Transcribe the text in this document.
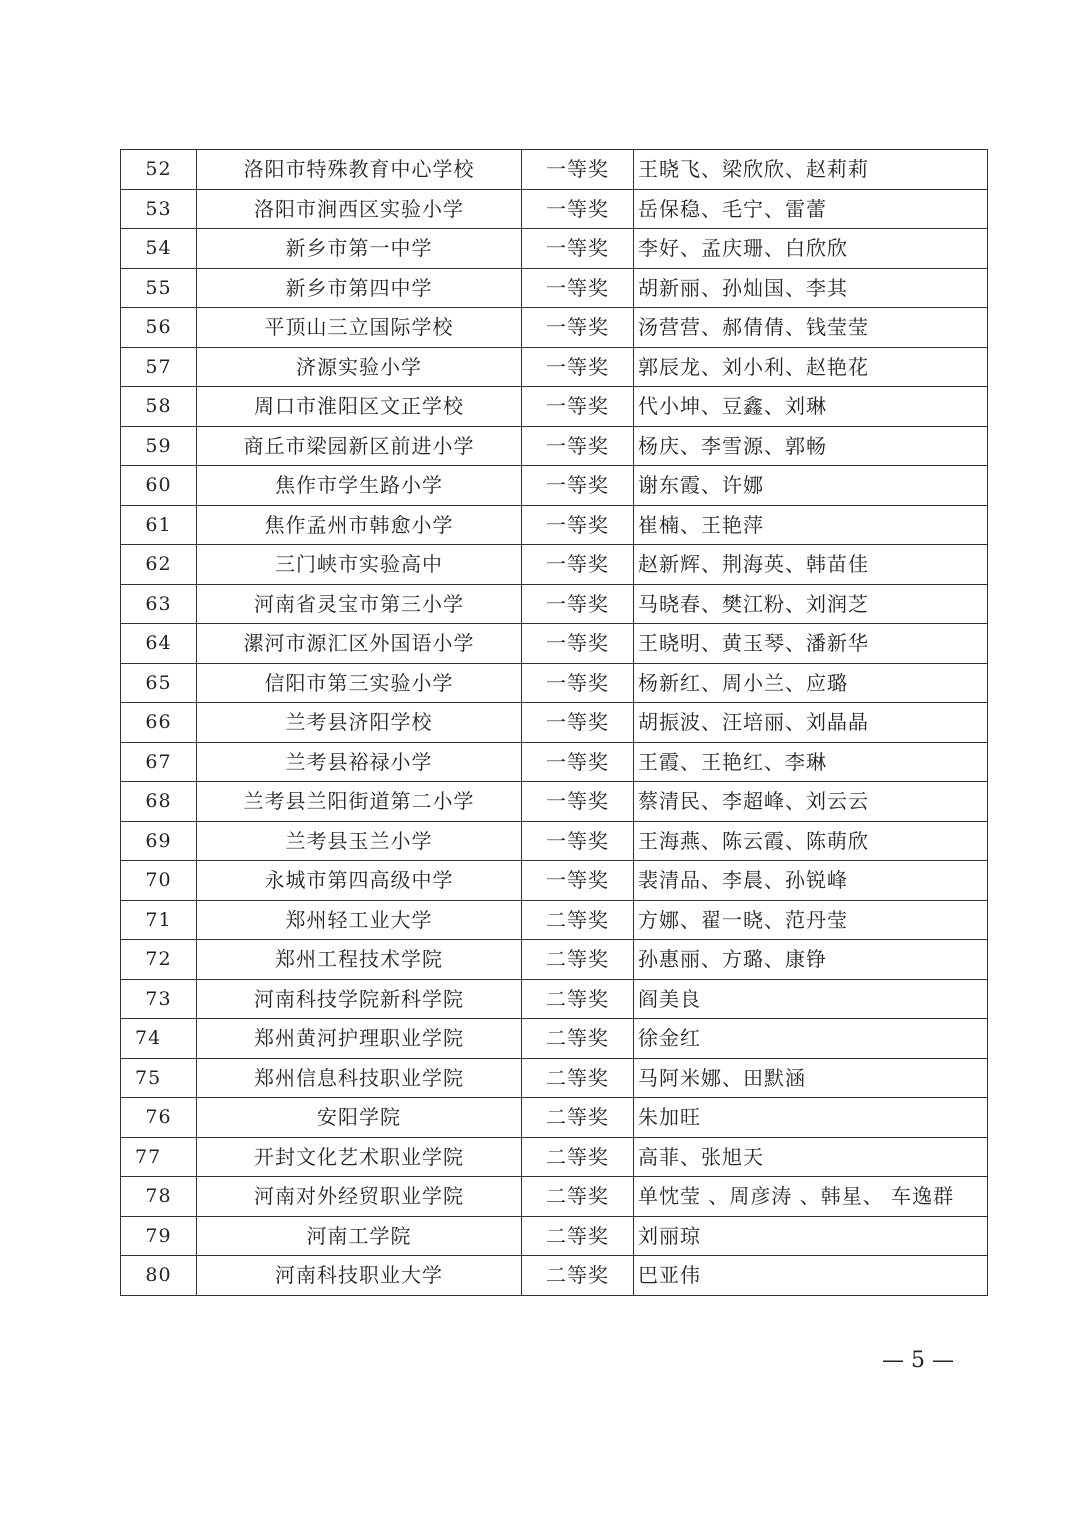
52	洛阳市特殊教育中心学校	一等奖	王晓飞、梁欣欣、赵莉莉
53	洛阳市涧西区实验小学	一等奖	岳保稳、毛宁、雷蕾
54	新乡市第一中学	一等奖	李好、孟庆珊、白欣欣
55	新乡市第四中学	一等奖	胡新丽、孙灿国、李其
56	平顶山三立国际学校	一等奖	汤营营、郝倩倩、钱莹莹
57	济源实验小学	一等奖	郭辰龙、刘小利、赵艳花
58	周口市淮阳区文正学校	一等奖	代小坤、豆鑫、刘琳
59	商丘市梁园新区前进小学	一等奖	杨庆、李雪源、郭畅
60	焦作市学生路小学	一等奖	谢东霞、许娜
61	焦作孟州市韩愈小学	一等奖	崔楠、王艳萍
62	三门峡市实验高中	一等奖	赵新辉、荆海英、韩苗佳
63	河南省灵宝市第三小学	一等奖	马晓春、樊江粉、刘润芝
64	漯河市源汇区外国语小学	一等奖	王晓明、黄玉琴、潘新华
65	信阳市第三实验小学	一等奖	杨新红、周小兰、应璐
66	兰考县济阳学校	一等奖	胡振波、汪培丽、刘晶晶
67	兰考县裕禄小学	一等奖	王霞、王艳红、李琳
68	兰考县兰阳街道第二小学	一等奖	蔡清民、李超峰、刘云云
69	兰考县玉兰小学	一等奖	王海燕、陈云霞、陈萌欣
70	永城市第四高级中学	一等奖	裴清品、李晨、孙锐峰
71	郑州轻工业大学	二等奖	方娜、翟一晓、范丹莹
72	郑州工程技术学院	二等奖	孙惠丽、方璐、康铮
73	河南科技学院新科学院	二等奖	阎美良
74	郑州黄河护理职业学院	二等奖	徐金红
75	郑州信息科技职业学院	二等奖	马阿米娜、田默涵
76	安阳学院	二等奖	朱加旺
77	开封文化艺术职业学院	二等奖	高菲、张旭天
78	河南对外经贸职业学院	二等奖	单忱莹 、周彦涛 、韩星、 车逸群
79	河南工学院	二等奖	刘丽琼
80	河南科技职业大学	二等奖	巴亚伟
— 5 —
